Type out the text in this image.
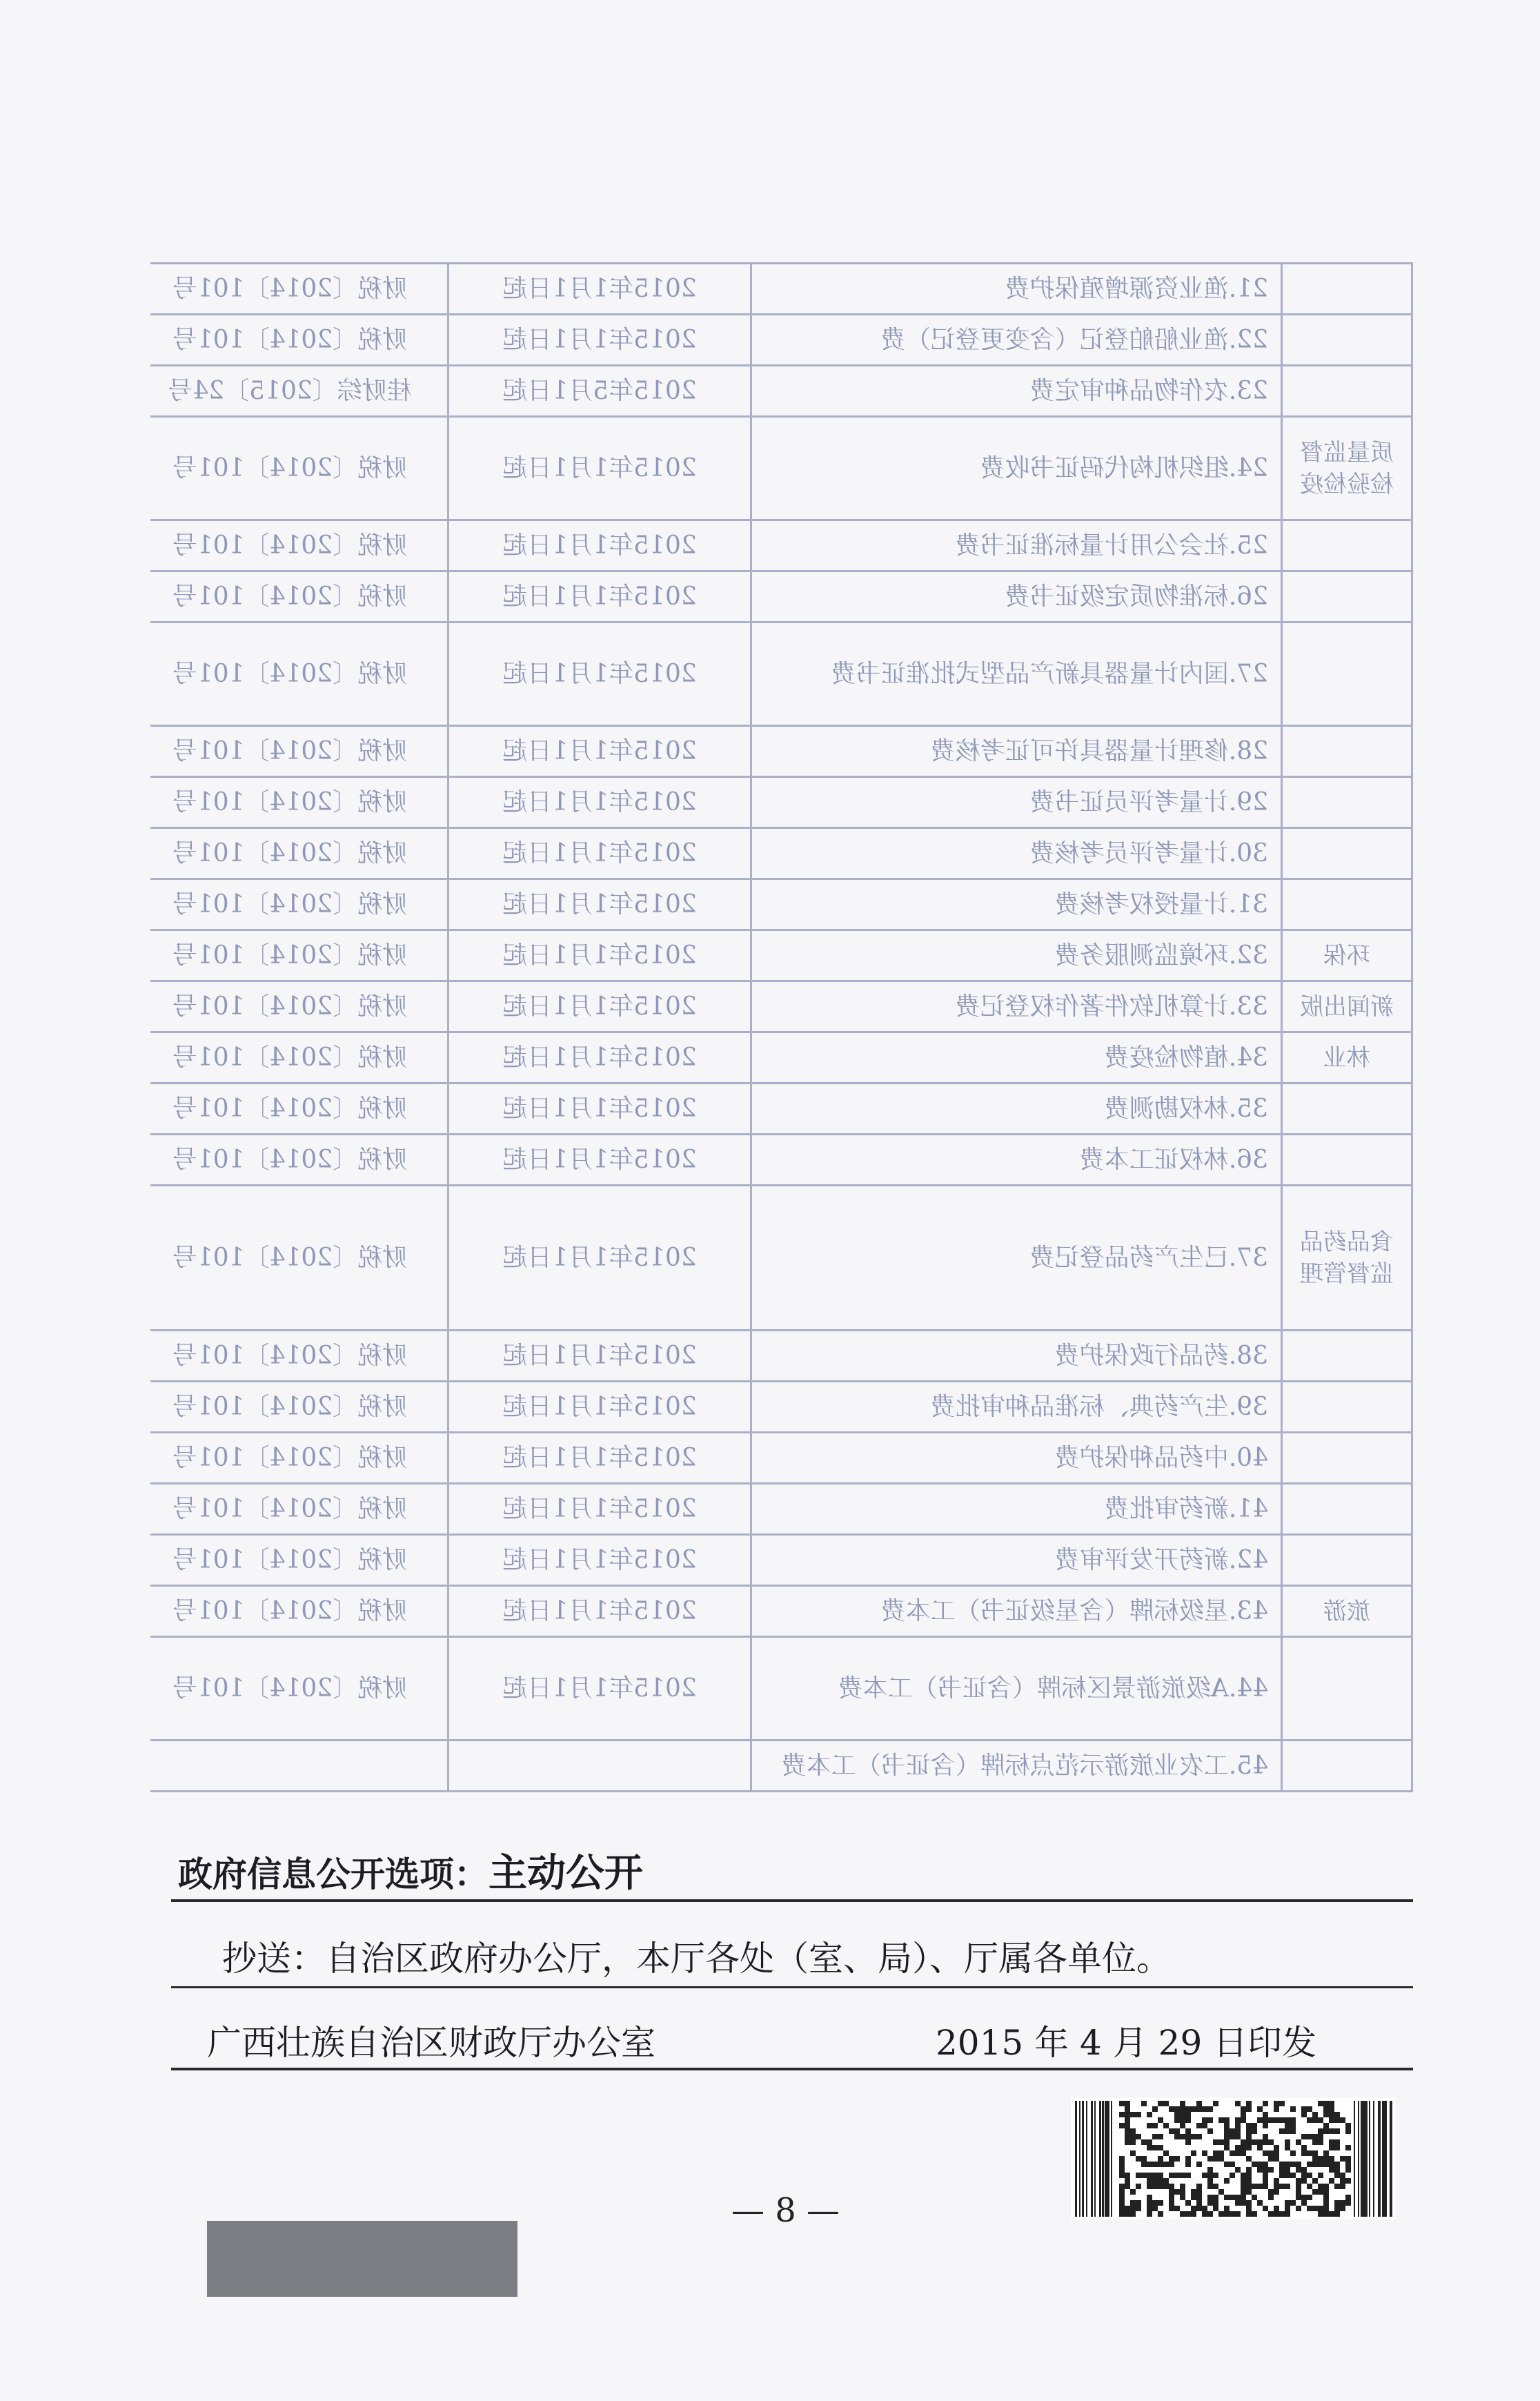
	21.渔业资源增殖保护费	2015年1月1日起	财税〔2014〕101号
	22.渔业船舶登记（含变更登记）费	2015年1月1日起	财税〔2014〕101号
	23.农作物品种审定费	2015年5月1日起	桂财综〔2015〕24号
质量监督检验检疫	24.组织机构代码证书收费	2015年1月1日起	财税〔2014〕101号
	25.社会公用计量标准证书费	2015年1月1日起	财税〔2014〕101号
	26.标准物质定级证书费	2015年1月1日起	财税〔2014〕101号
	27.国内计量器具新产品型式批准证书费	2015年1月1日起	财税〔2014〕101号
	28.修理计量器具许可证考核费	2015年1月1日起	财税〔2014〕101号
	29.计量考评员证书费	2015年1月1日起	财税〔2014〕101号
	30.计量考评员考核费	2015年1月1日起	财税〔2014〕101号
	31.计量授权考核费	2015年1月1日起	财税〔2014〕101号
环保	32.环境监测服务费	2015年1月1日起	财税〔2014〕101号
新闻出版	33.计算机软件著作权登记费	2015年1月1日起	财税〔2014〕101号
林业	34.植物检疫费	2015年1月1日起	财税〔2014〕101号
	35.林权勘测费	2015年1月1日起	财税〔2014〕101号
	36.林权证工本费	2015年1月1日起	财税〔2014〕101号
食品药品监督管理	37.已生产药品登记费	2015年1月1日起	财税〔2014〕101号
	38.药品行政保护费	2015年1月1日起	财税〔2014〕101号
	39.生产药典、标准品种审批费	2015年1月1日起	财税〔2014〕101号
	40.中药品种保护费	2015年1月1日起	财税〔2014〕101号
	41.新药审批费	2015年1月1日起	财税〔2014〕101号
	42.新药开发评审费	2015年1月1日起	财税〔2014〕101号
旅游	43.星级标牌（含星级证书）工本费	2015年1月1日起	财税〔2014〕101号
	44.A级旅游景区标牌（含证书）工本费	2015年1月1日起	财税〔2014〕101号
	45.工农业旅游示范点标牌（含证书）工本费		
政府信息公开选项：主动公开
抄送：自治区政府办公厅，本厅各处（室、局）、厅属各单位。
广西壮族自治区财政厅办公室	2015 年 4 月 29 日印发
— 8 —
